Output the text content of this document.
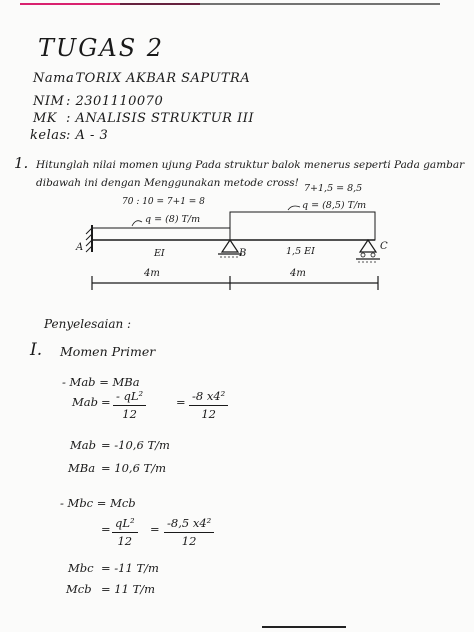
TUGAS 2
Nama
: TORIX AKBAR SAPUTRA
NIM : 2301110070
MK : ANALISIS STRUKTUR III
kelas : A - 3
1. Hitunglah nilai momen ujung Pada struktur balok menerus seperti Pada gambar
dibawah ini dengan Menggunakan metode cross!
70 : 10 = 7+1 = 8
q = (8) T/m
7+1,5 = 8,5
q = (8,5) T/m
A
B
C
EI	1,5 EI
4m	4m
Penyelesaian :
I. Momen Primer
- Mab = MBa
Mab = $\frac{\text{- qL²}}{12}$	= $\frac{\text{-8 x4²}}{12}$
Mab = -10,6 T/m
MBa = 10,6 T/m
- Mbc = Mcb
= $\frac{\text{qL²}}{12} = \frac{\text{-8,5 x4²}}{12}$
Mbc = -11 T/m
Mcb = 11 T/m
